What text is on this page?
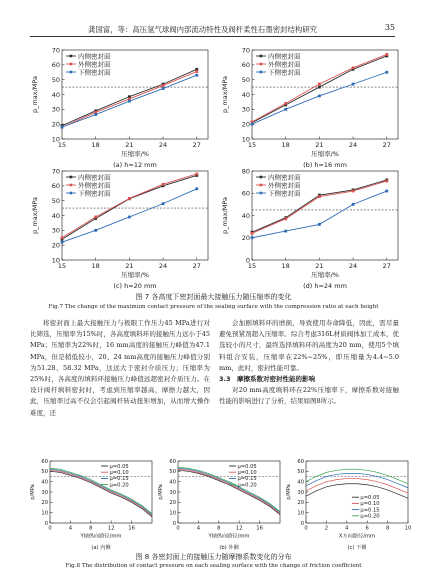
龚国富，等：高压氢气球阀内部流动特性及阀杆柔性石墨密封结构研究	35
10
20
30
40
50
60
70
15	18	21	24	27
内侧密封面
外侧密封面
下侧密封面
p_max/MPa
压缩率/%
(a) h=12 mm
10
20
30
40
50
60
70
15	18	21	24	27
内侧密封面
外侧密封面
下侧密封面
p_max/MPa
压缩率/%
(b) h=16 mm
10
20
30
40
50
60
70
15	18	21	24	27
内侧密封面
外侧密封面
下侧密封面
p_max/MPa
压缩率/%
(c) h=20 mm
0
20
40
60
80
15	18	21	24	27
内侧密封面
外侧密封面
下侧密封面
p_max/MPa
压缩率/%
(d) h=24 mm
图 7 各高度下密封面最大接触压力随压缩率的变化
Fig.7 The change of the maximum contact pressure of the sealing surface with the compression ratio at each height

将密封面上最大接触压力与极限工作压力45 MPa进行对比筛选，压缩率为15%时，各高度填料环的接触压力远小于45 MPa；压缩率为22%时，16 mm高度的接触压力峰值为47.1 MPa，但是稍低较小，20、24 mm高度的接触压力峰值分别为51.28、58.32 MPa，这远大于密封介质压力；压缩率为25%时，各高度的填料环接触压力峰值远超密封介质压力。在设计阀杆填料密封时，考虑到压缩率越高，摩擦力越大，因此，压缩率过高不仅会引起阀杆转动扭矩增加，从而增大操作难度，还

会加剧填料环的磨损，导致使用寿命降低，因此，需尽量避免预紧剂超入压缩率。综合考虑316L材质阀体加工成本，优选较小的尺寸，最终选择填料环的高度为20 mm，使用5个填料组合安装，压缩率在22%~25%，即压缩量为4.4~5.0 mm，此时，密封性能可靠。

3.3　摩擦系数对密封性能的影响

对20 mm高度填料环在22%压缩率下，摩擦系数对接触性能的影响进行了分析，结果如图8所示。

0
10
20
30
40
50
60
0	4	8	12	16
μ=0.05
μ=0.10
μ=0.15
μ=0.20
p/MPa
Y轴纵向路径/mm
(a) 内侧
0
10
20
30
40
50
60
0	4	8	12	16
μ=0.05
μ=0.10
μ=0.15
μ=0.20
p/MPa
Y轴纵向路径/mm
(b) 外侧
0
10
20
30
40
50
60
0	2	4	6	8	10
μ=0.05
μ=0.10
μ=0.15
μ=0.20
p/MPa
X方向路径/mm
(c) 下侧
图 8 各密封面上的接触压力随摩擦系数变化的分布
Fig.8 The distribution of contact pressure on each sealing surface with the change of friction coefficient
